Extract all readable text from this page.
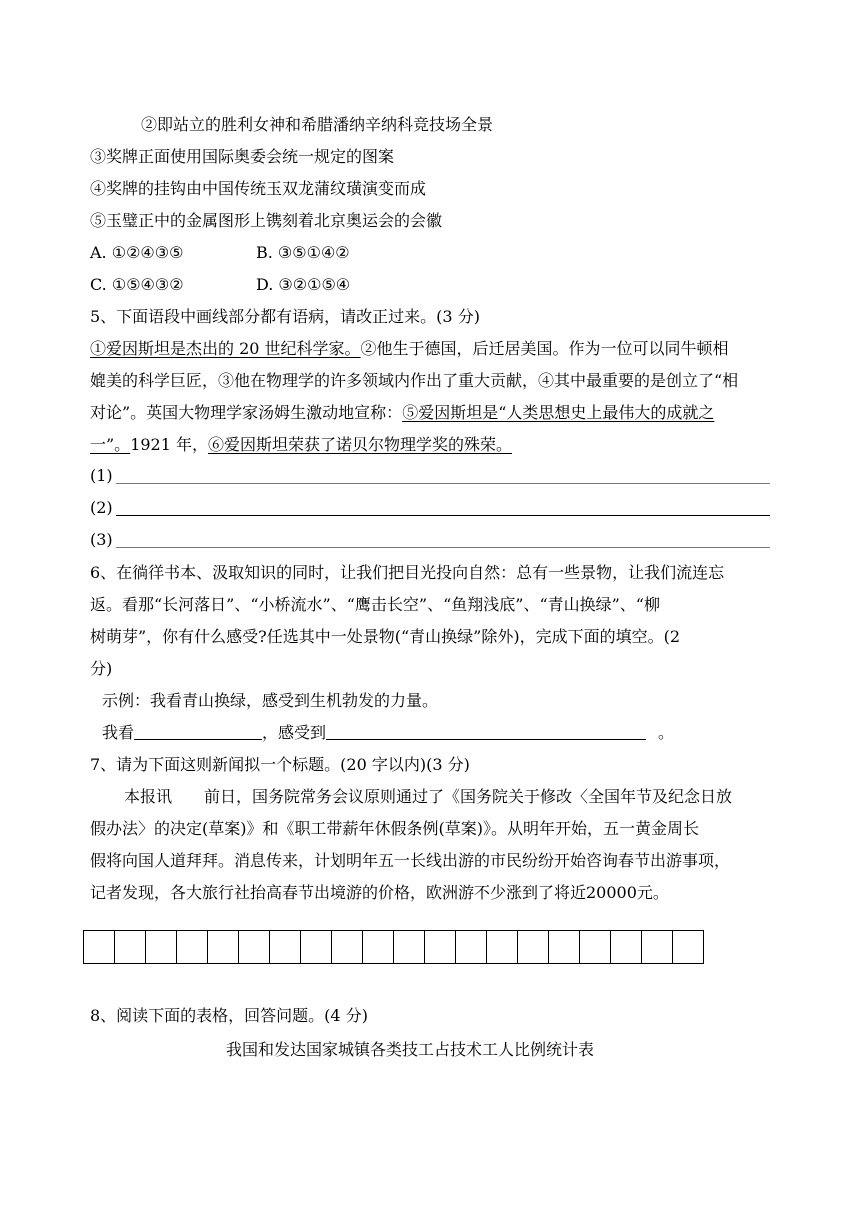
②即站立的胜利女神和希腊潘纳辛纳科竞技场全景
③奖牌正面使用国际奥委会统一规定的图案
④奖牌的挂钩由中国传统玉双龙蒲纹璜演变而成
⑤玉璧正中的金属图形上镌刻着北京奥运会的会徽
A. ①②④③⑤	B. ③⑤①④②
C. ①⑤④③②	D. ③②①⑤④
5、下面语段中画线部分都有语病，请改正过来。(3 分)
①爱因斯坦是杰出的 20 世纪科学家。②他生于德国，后迁居美国。作为一位可以同牛顿相
媲美的科学巨匠，③他在物理学的许多领域内作出了重大贡献，④其中最重要的是创立了“相
对论”。英国大物理学家汤姆生激动地宣称：⑤爱因斯坦是“人类思想史上最伟大的成就之
一”。1921 年，⑥爱因斯坦荣获了诺贝尔物理学奖的殊荣。
(1)
(2)
(3)
6、在徜徉书本、汲取知识的同时，让我们把目光投向自然：总有一些景物，让我们流连忘
返。看那“长河落日”、“小桥流水”、“鹰击长空”、“鱼翔浅底”、“青山换绿”、“柳
树萌芽”，你有什么感受?任选其中一处景物(“青山换绿”除外)，完成下面的填空。(2
分)
示例：我看青山换绿，感受到生机勃发的力量。
我看	，感受到	。
7、请为下面这则新闻拟一个标题。(20 字以内)(3 分)
本报讯　　前日，国务院常务会议原则通过了《国务院关于修改〈全国年节及纪念日放
假办法〉的决定(草案)》和《职工带薪年休假条例(草案)》。从明年开始，五一黄金周长
假将向国人道拜拜。消息传来，计划明年五一长线出游的市民纷纷开始咨询春节出游事项，
记者发现，各大旅行社抬高春节出境游的价格，欧洲游不少涨到了将近20000元。
8、阅读下面的表格，回答问题。(4 分)
我国和发达国家城镇各类技工占技术工人比例统计表
